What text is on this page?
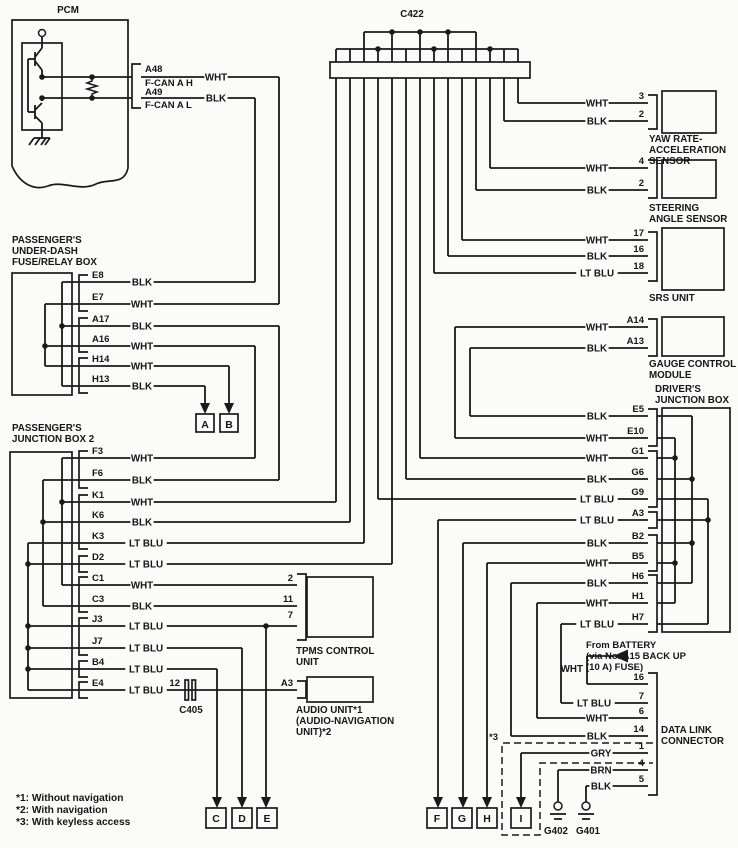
PCM
A48
F-CAN A H
A49
F-CAN A L
WHT
BLK
C422
PASSENGER'S
UNDER-DASH
FUSE/RELAY BOX
E8
E7
A17
A16
H14
H13
BLK
WHT
BLK
WHT
WHT
BLK
PASSENGER'S
JUNCTION BOX 2
F3
F6
K1
K6
K3
D2
C1
C3
J3
J7
B4
E4
WHT
BLK
WHT
BLK
LT BLU
LT BLU
WHT
BLK
LT BLU
LT BLU
LT BLU
LT BLU
YAW RATE-
ACCELERATION
SENSOR
3
2
WHT
BLK
STEERING
ANGLE SENSOR
4
2
WHT
BLK
SRS UNIT
17
16
18
WHT
BLK
LT BLU
GAUGE CONTROL
MODULE
A14
A13
WHT
BLK
DRIVER'S
JUNCTION BOX
E5
E10
G1
G6
G9
A3
B2
B5
H6
H1
H7
BLK
WHT
WHT
BLK
LT BLU
LT BLU
BLK
WHT
BLK
WHT
LT BLU
TPMS CONTROL
UNIT
2
11
7
AUDIO UNIT*1
(AUDIO-NAVIGATION
UNIT)*2
A3
C405
12
From BATTERY
(via No. A15 BACK UP
(10 A) FUSE)
WHT
DATA LINK
CONNECTOR
16
7
6
14
1
4
5
LT BLU
WHT
BLK
GRY
BRN
BLK
G402 G401
*3
A B
C D E	F G H	I
*1: Without navigation
*2: With navigation
*3: With keyless access
